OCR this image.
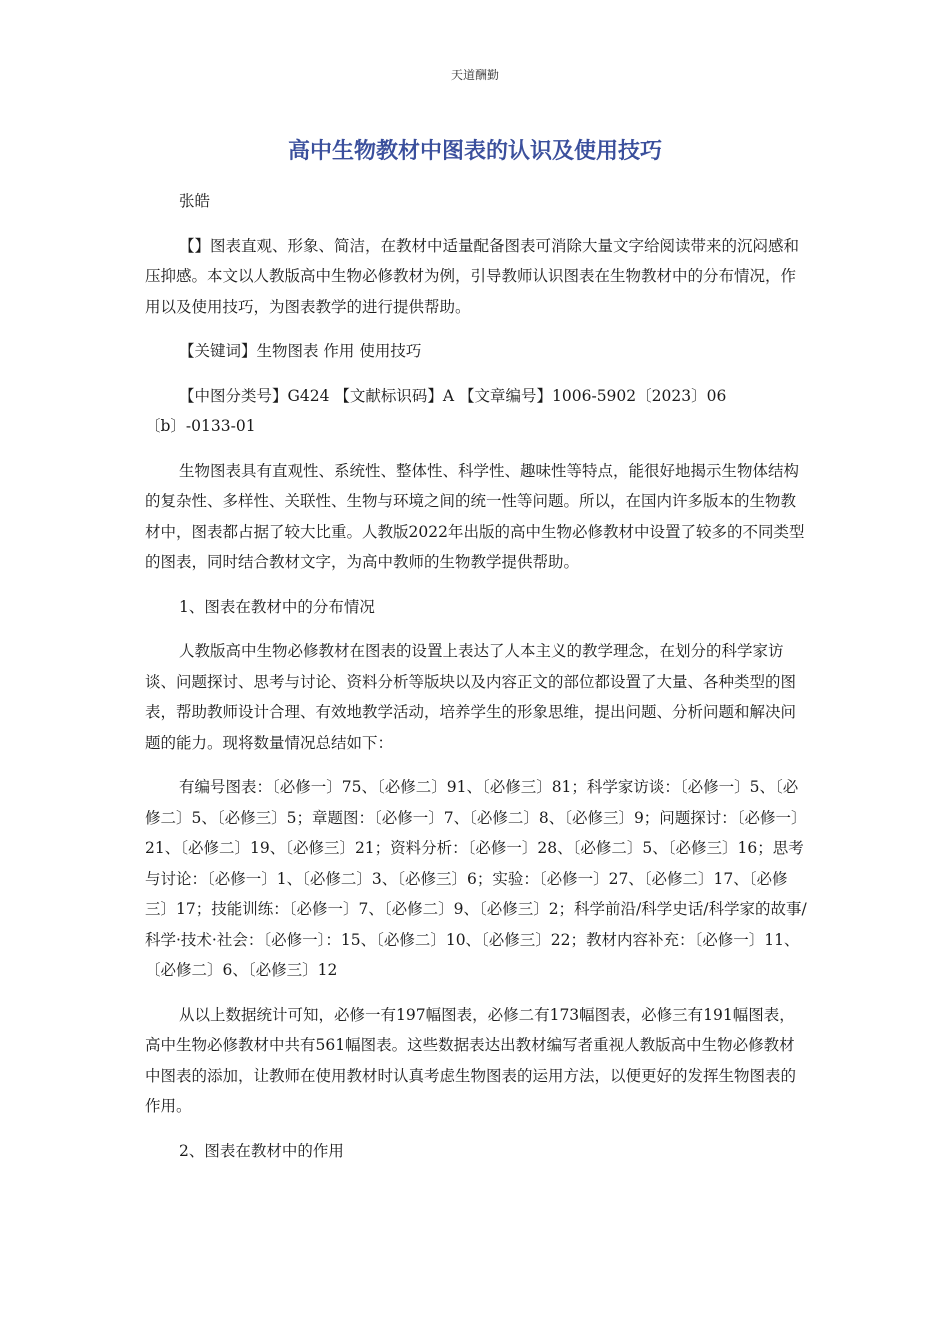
天道酬勤
高中生物教材中图表的认识及使用技巧

张皓

【】图表直观、形象、简洁，在教材中适量配备图表可消除大量文字给阅读带来的沉闷感和压抑感。本文以人教版高中生物必修教材为例，引导教师认识图表在生物教材中的分布情况，作用以及使用技巧，为图表教学的进行提供帮助。

【关键词】生物图表 作用 使用技巧

【中图分类号】G424 【文献标识码】A 【文章编号】1006-5902〔2023〕06〔b〕-0133-01

生物图表具有直观性、系统性、整体性、科学性、趣味性等特点，能很好地揭示生物体结构的复杂性、多样性、关联性、生物与环境之间的统一性等问题。所以，在国内许多版本的生物教材中，图表都占据了较大比重。人教版2022年出版的高中生物必修教材中设置了较多的不同类型的图表，同时结合教材文字，为高中教师的生物教学提供帮助。

1、图表在教材中的分布情况

人教版高中生物必修教材在图表的设置上表达了人本主义的教学理念，在划分的科学家访谈、问题探讨、思考与讨论、资料分析等版块以及内容正文的部位都设置了大量、各种类型的图表，帮助教师设计合理、有效地教学活动，培养学生的形象思维，提出问题、分析问题和解决问题的能力。现将数量情况总结如下：

有编号图表：〔必修一〕75、〔必修二〕91、〔必修三〕81；科学家访谈：〔必修一〕5、〔必修二〕5、〔必修三〕5；章题图：〔必修一〕7、〔必修二〕8、〔必修三〕9；问题探讨：〔必修一〕21、〔必修二〕19、〔必修三〕21；资料分析：〔必修一〕28、〔必修二〕5、〔必修三〕16；思考与讨论：〔必修一〕1、〔必修二〕3、〔必修三〕6；实验：〔必修一〕27、〔必修二〕17、〔必修三〕17；技能训练：〔必修一〕7、〔必修二〕9、〔必修三〕2；科学前沿/科学史话/科学家的故事/科学·技术·社会：〔必修一〕：15、〔必修二〕10、〔必修三〕22；教材内容补充：〔必修一〕11、〔必修二〕6、〔必修三〕12

从以上数据统计可知，必修一有197幅图表，必修二有173幅图表，必修三有191幅图表，高中生物必修教材中共有561幅图表。这些数据表达出教材编写者重视人教版高中生物必修教材中图表的添加，让教师在使用教材时认真考虑生物图表的运用方法，以便更好的发挥生物图表的作用。

2、图表在教材中的作用
